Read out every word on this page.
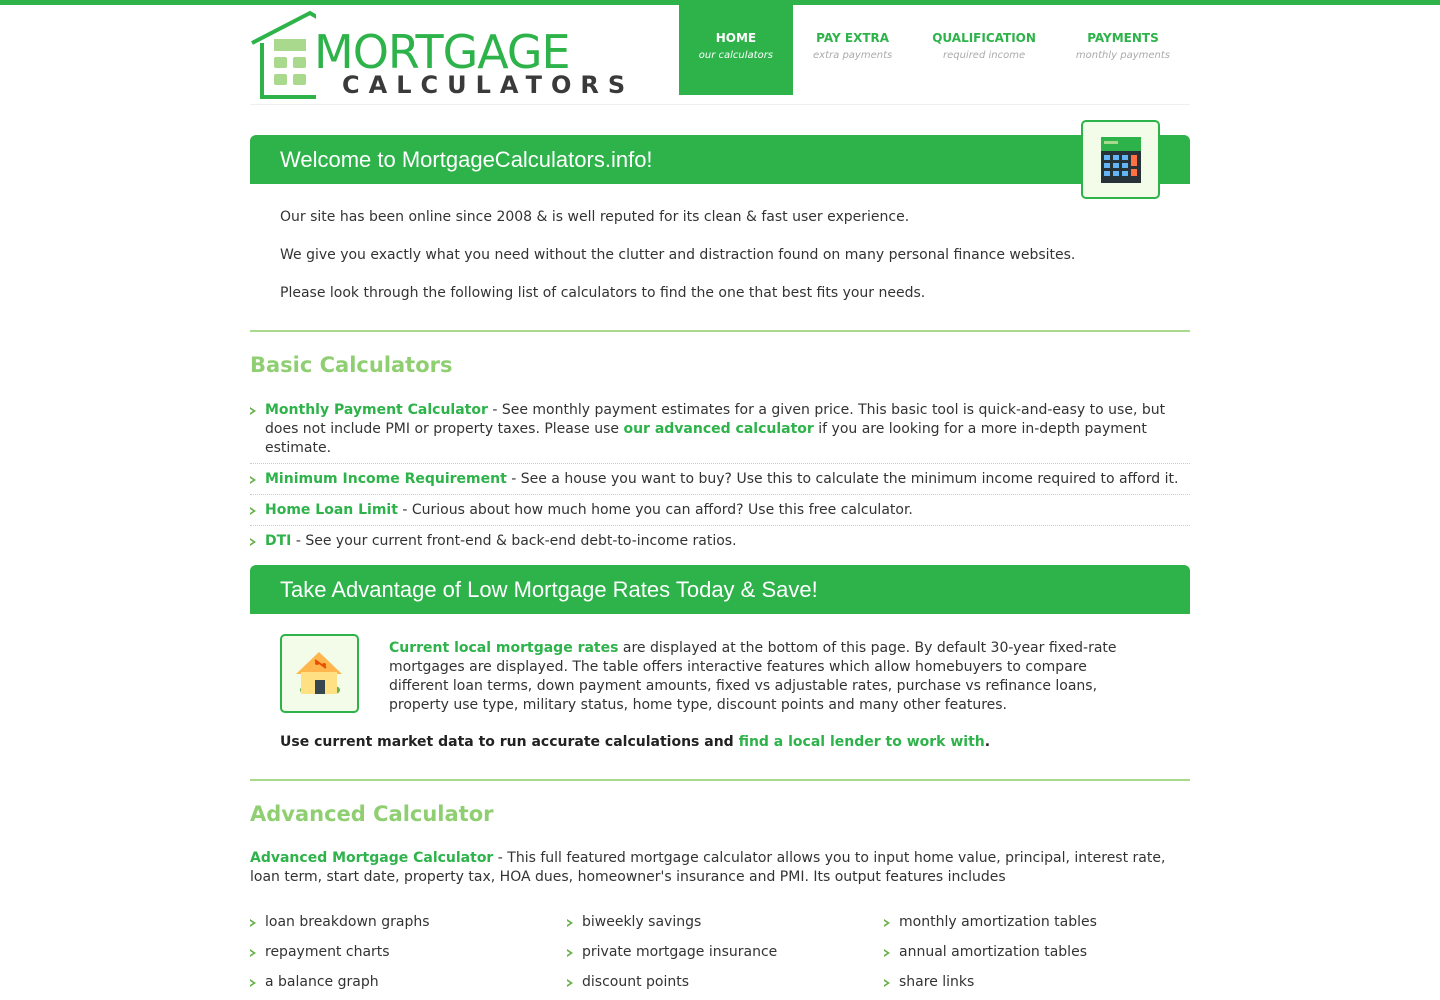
MORTGAGE
CALCULATORS
HOME
our calculators
PAY EXTRA
extra payments
QUALIFICATION
required income
PAYMENTS
monthly payments
Welcome to MortgageCalculators.info!

Our site has been online since 2008 & is well reputed for its clean & fast user experience.

We give you exactly what you need without the clutter and distraction found on many personal finance websites.

Please look through the following list of calculators to find the one that best fits your needs.

Basic Calculators
Monthly Payment Calculator - See monthly payment estimates for a given price. This basic tool is quick-and-easy to use, but does not include PMI or property taxes. Please use our advanced calculator if you are looking for a more in-depth payment estimate.
Minimum Income Requirement - See a house you want to buy? Use this to calculate the minimum income required to afford it.
Home Loan Limit - Curious about how much home you can afford? Use this free calculator.
DTI - See your current front-end & back-end debt-to-income ratios.
Take Advantage of Low Mortgage Rates Today & Save!

Current local mortgage rates are displayed at the bottom of this page. By default 30-year fixed-rate mortgages are displayed. The table offers interactive features which allow homebuyers to compare different loan terms, down payment amounts, fixed vs adjustable rates, purchase vs refinance loans, property use type, military status, home type, discount points and many other features.

Use current market data to run accurate calculations and find a local lender to work with.

Advanced Calculator

Advanced Mortgage Calculator - This full featured mortgage calculator allows you to input home value, principal, interest rate, loan term, start date, property tax, HOA dues, homeowner's insurance and PMI. Its output features includes

loan breakdown graphs	biweekly savings	monthly amortization tables
repayment charts	private mortgage insurance	annual amortization tables
a balance graph	discount points	share links
